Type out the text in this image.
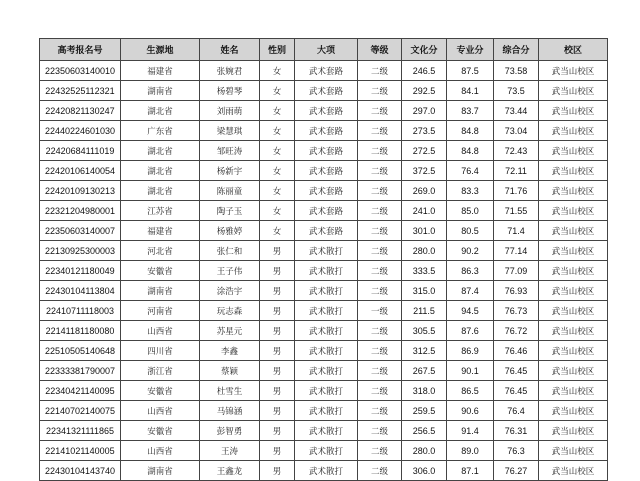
高考报名号	生源地	姓名	性别	大项	等级	文化分	专业分	综合分	校区
22350603140010	福建省	张婉君	女	武术套路	二级	246.5	87.5	73.58	武当山校区
22432525112321	湖南省	杨碧琴	女	武术套路	二级	292.5	84.1	73.5	武当山校区
22420821130247	湖北省	刘雨萌	女	武术套路	二级	297.0	83.7	73.44	武当山校区
22440224601030	广东省	梁慧琪	女	武术套路	二级	273.5	84.8	73.04	武当山校区
22420684111019	湖北省	邹旺涛	女	武术套路	二级	272.5	84.8	72.43	武当山校区
22420106140054	湖北省	杨新宇	女	武术套路	二级	372.5	76.4	72.11	武当山校区
22420109130213	湖北省	陈丽童	女	武术套路	二级	269.0	83.3	71.76	武当山校区
22321204980001	江苏省	陶子玉	女	武术套路	二级	241.0	85.0	71.55	武当山校区
22350603140007	福建省	杨雅婷	女	武术套路	二级	301.0	80.5	71.4	武当山校区
22130925300003	河北省	张仁和	男	武术散打	二级	280.0	90.2	77.14	武当山校区
22340121180049	安徽省	王子伟	男	武术散打	二级	333.5	86.3	77.09	武当山校区
22430104113804	湖南省	涂浩宇	男	武术散打	二级	315.0	87.4	76.93	武当山校区
22410711118003	河南省	玩志森	男	武术散打	一级	211.5	94.5	76.73	武当山校区
22141181180080	山西省	苏星元	男	武术散打	二级	305.5	87.6	76.72	武当山校区
22510505140648	四川省	李鑫	男	武术散打	二级	312.5	86.9	76.46	武当山校区
22333381790007	浙江省	蔡颖	男	武术散打	二级	267.5	90.1	76.45	武当山校区
22340421140095	安徽省	杜雪生	男	武术散打	二级	318.0	86.5	76.45	武当山校区
22140702140075	山西省	马锦涵	男	武术散打	二级	259.5	90.6	76.4	武当山校区
22341321111865	安徽省	彭智勇	男	武术散打	二级	256.5	91.4	76.31	武当山校区
22141021140005	山西省	王涛	男	武术散打	二级	280.0	89.0	76.3	武当山校区
22430104143740	湖南省	王鑫龙	男	武术散打	二级	306.0	87.1	76.27	武当山校区
